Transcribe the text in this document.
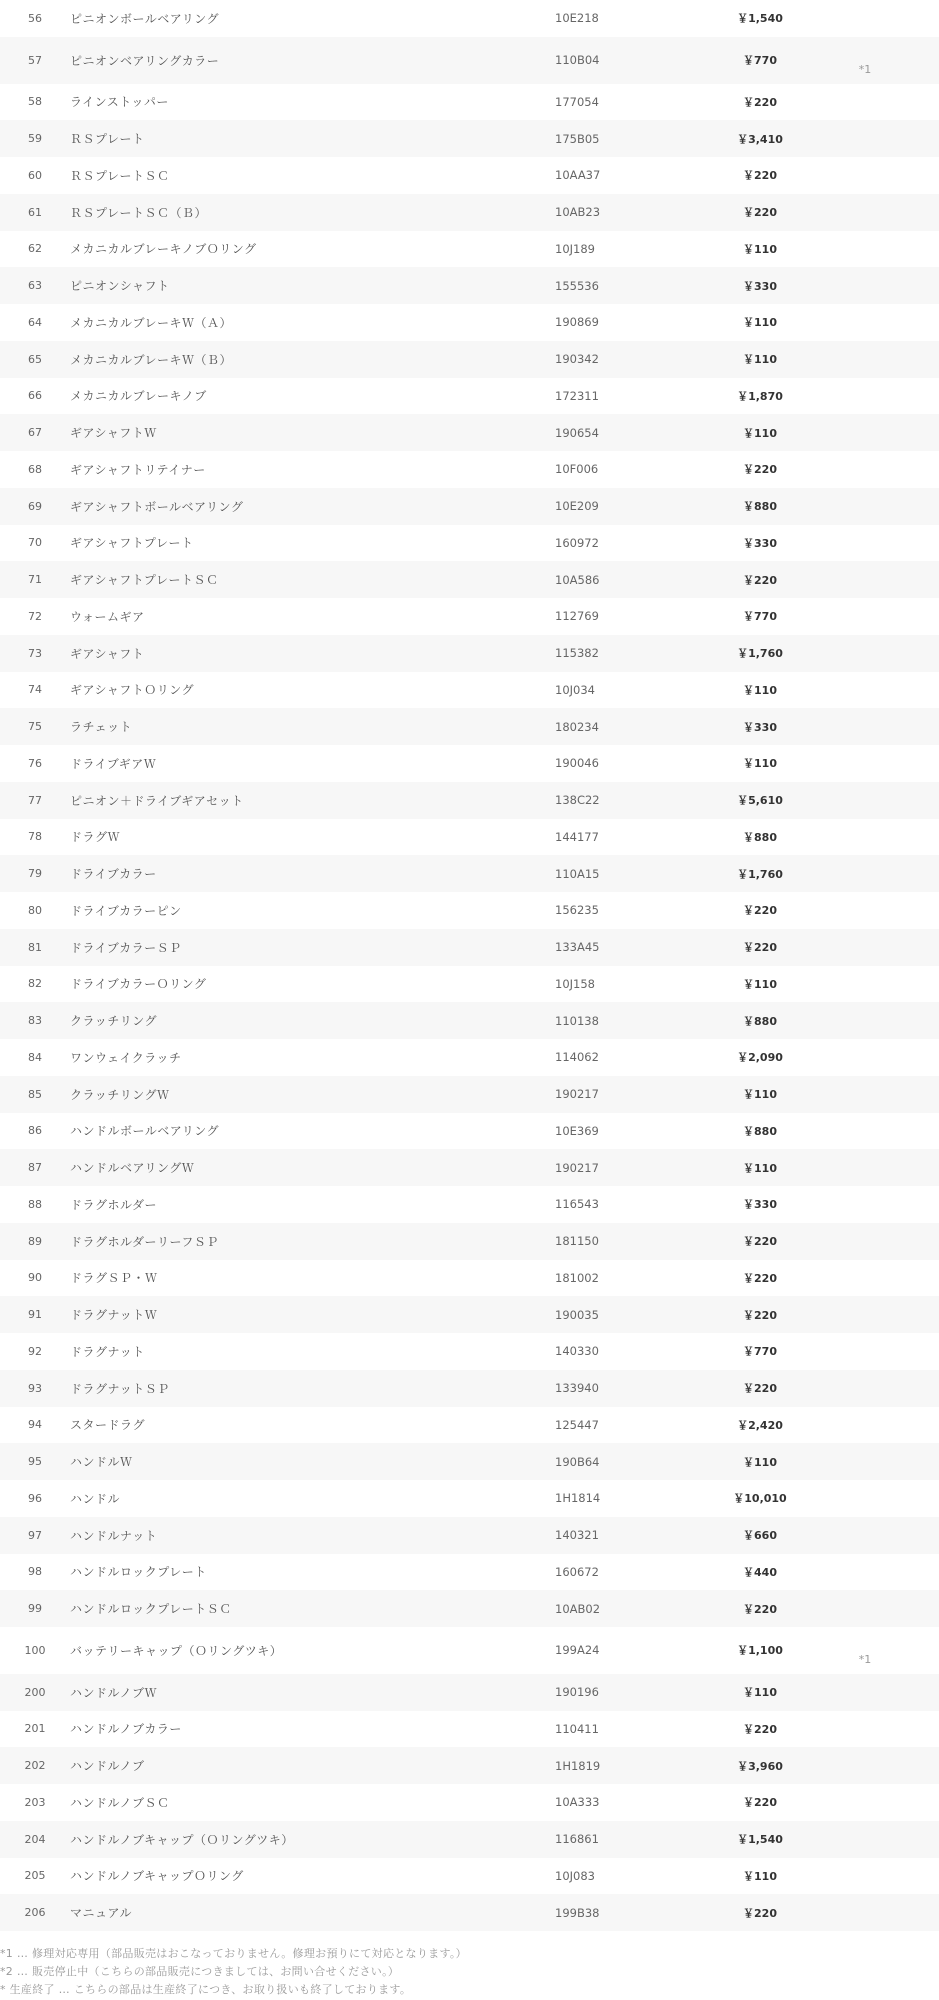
56	ピニオンボールベアリング	10E218	￥1,540
57	ピニオンベアリングカラー	110B04	￥770
*1
58	ラインストッパー	177054	￥220
59	ＲＳプレート	175B05	￥3,410
60	ＲＳプレートＳＣ	10AA37	￥220
61	ＲＳプレートＳＣ（Ｂ）	10AB23	￥220
62	メカニカルブレーキノブＯリング	10J189	￥110
63	ピニオンシャフト	155536	￥330
64	メカニカルブレーキＷ（Ａ）	190869	￥110
65	メカニカルブレーキＷ（Ｂ）	190342	￥110
66	メカニカルブレーキノブ	172311	￥1,870
67	ギアシャフトＷ	190654	￥110
68	ギアシャフトリテイナー	10F006	￥220
69	ギアシャフトボールベアリング	10E209	￥880
70	ギアシャフトプレート	160972	￥330
71	ギアシャフトプレートＳＣ	10A586	￥220
72	ウォームギア	112769	￥770
73	ギアシャフト	115382	￥1,760
74	ギアシャフトＯリング	10J034	￥110
75	ラチェット	180234	￥330
76	ドライブギアＷ	190046	￥110
77	ピニオン＋ドライブギアセット	138C22	￥5,610
78	ドラグＷ	144177	￥880
79	ドライブカラー	110A15	￥1,760
80	ドライブカラーピン	156235	￥220
81	ドライブカラーＳＰ	133A45	￥220
82	ドライブカラーＯリング	10J158	￥110
83	クラッチリング	110138	￥880
84	ワンウェイクラッチ	114062	￥2,090
85	クラッチリングＷ	190217	￥110
86	ハンドルボールベアリング	10E369	￥880
87	ハンドルベアリングＷ	190217	￥110
88	ドラグホルダー	116543	￥330
89	ドラグホルダーリーフＳＰ	181150	￥220
90	ドラグＳＰ・Ｗ	181002	￥220
91	ドラグナットＷ	190035	￥220
92	ドラグナット	140330	￥770
93	ドラグナットＳＰ	133940	￥220
94	スタードラグ	125447	￥2,420
95	ハンドルＷ	190B64	￥110
96	ハンドル	1H1814	￥10,010
97	ハンドルナット	140321	￥660
98	ハンドルロックプレート	160672	￥440
99	ハンドルロックプレートＳＣ	10AB02	￥220
100	バッテリーキャップ（Ｏリングツキ）	199A24	￥1,100
*1
200	ハンドルノブＷ	190196	￥110
201	ハンドルノブカラー	110411	￥220
202	ハンドルノブ	1H1819	￥3,960
203	ハンドルノブＳＣ	10A333	￥220
204	ハンドルノブキャップ（Ｏリングツキ）	116861	￥1,540
205	ハンドルノブキャップＯリング	10J083	￥110
206	マニュアル	199B38	￥220
*1 … 修理対応専用（部品販売はおこなっておりません。修理お預りにて対応となります。）
*2 … 販売停止中（こちらの部品販売につきましては、お問い合せください。）
* 生産終了 … こちらの部品は生産終了につき、お取り扱いも終了しております。
